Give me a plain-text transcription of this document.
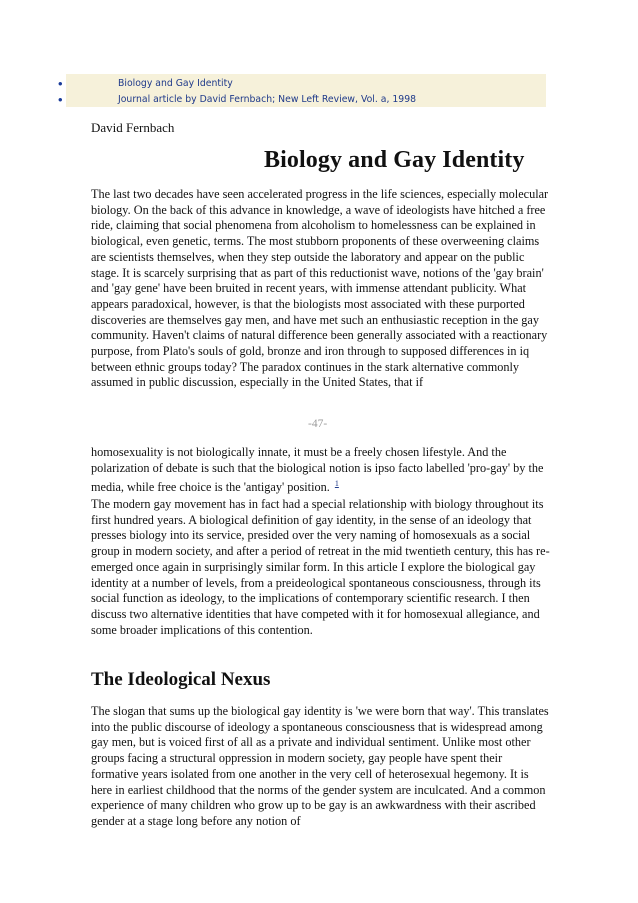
•	Biology and Gay Identity
•	Journal article by David Fernbach; New Left Review, Vol. a, 1998
David Fernbach
Biology and Gay Identity

The last two decades have seen accelerated progress in the life sciences, especially molecular biology. On the back of this advance in knowledge, a wave of ideologists have hitched a free ride, claiming that social phenomena from alcoholism to homelessness can be explained in biological, even genetic, terms. The most stubborn proponents of these overweening claims are scientists themselves, when they step outside the laboratory and appear on the public stage. It is scarcely surprising that as part of this reductionist wave, notions of the 'gay brain' and 'gay gene' have been bruited in recent years, with immense attendant publicity. What appears paradoxical, however, is that the biologists most associated with these purported discoveries are themselves gay men, and have met such an enthusiastic reception in the gay community. Haven't claims of natural difference been generally associated with a reactionary purpose, from Plato's souls of gold, bronze and iron through to supposed differences in iq between ethnic groups today? The paradox continues in the stark alternative commonly assumed in public discussion, especially in the United States, that if

-47-

homosexuality is not biologically innate, it must be a freely chosen lifestyle. And the polarization of debate is such that the biological notion is ipso facto labelled 'pro-gay' by the media, while free choice is the 'antigay' position. $^1$

The modern gay movement has in fact had a special relationship with biology throughout its first hundred years. A biological definition of gay identity, in the sense of an ideology that presses biology into its service, presided over the very naming of homosexuals as a social group in modern society, and after a period of retreat in the mid twentieth century, this has re-emerged once again in surprisingly similar form. In this article I explore the biological gay identity at a number of levels, from a preideological spontaneous consciousness, through its social function as ideology, to the implications of contemporary scientific research. I then discuss two alternative identities that have competed with it for homosexual allegiance, and some broader implications of this contention.

The Ideological Nexus

The slogan that sums up the biological gay identity is 'we were born that way'. This translates into the public discourse of ideology a spontaneous consciousness that is widespread among gay men, but is voiced first of all as a private and individual sentiment. Unlike most other groups facing a structural oppression in modern society, gay people have spent their formative years isolated from one another in the very cell of heterosexual hegemony. It is here in earliest childhood that the norms of the gender system are inculcated. And a common experience of many children who grow up to be gay is an awkwardness with their ascribed gender at a stage long before any notion of
